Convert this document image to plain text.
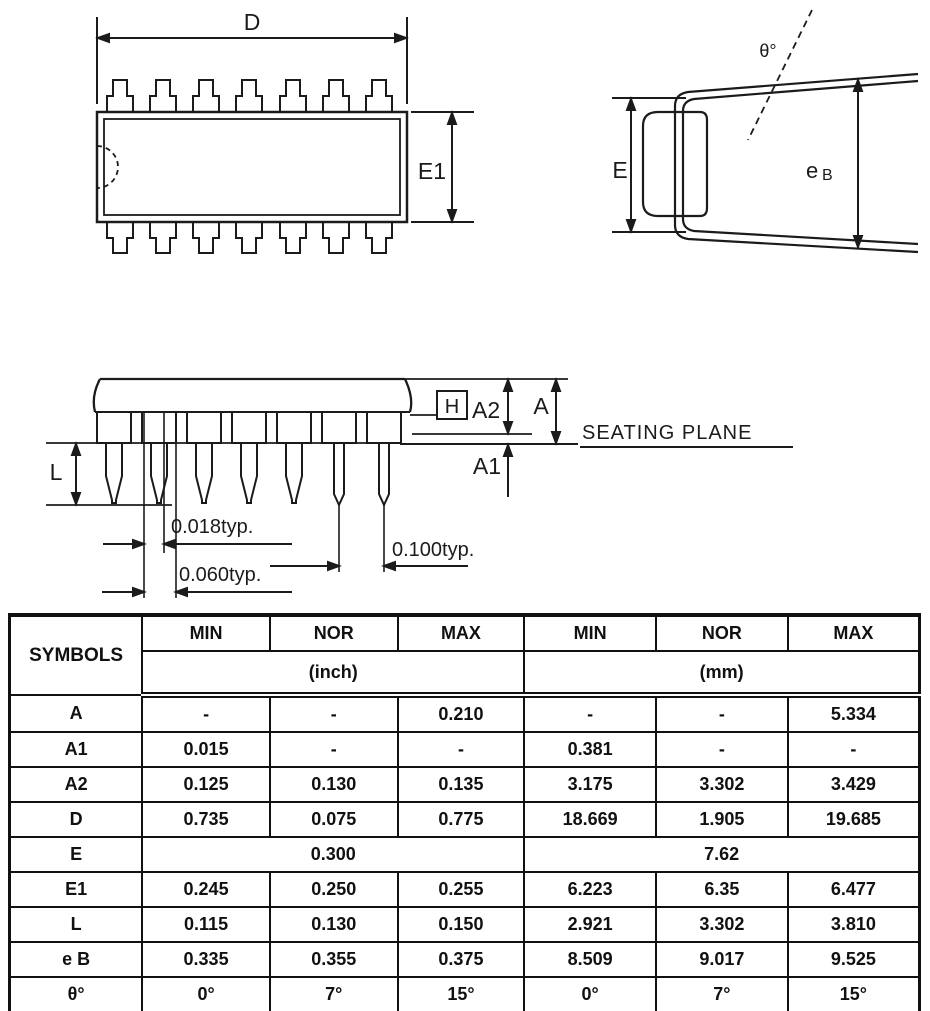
D
E1	E	e B
θ°
0.018typ.
0.100typ.
0.060typ.
L
H A2 A
SEATING PLANE
A1
SYMBOLS	MIN	NOR	MAX	MIN	NOR	MAX
	(inch)			(mm)		
A	-	-	0.210	-	-	5.334
A1	0.015	-	-	0.381	-	-
A2	0.125	0.130	0.135	3.175	3.302	3.429
D	0.735	0.075	0.775	18.669	1.905	19.685
E	0.300			7.62		
E1	0.245	0.250	0.255	6.223	6.35	6.477
L	0.115	0.130	0.150	2.921	3.302	3.810
e B	0.335	0.355	0.375	8.509	9.017	9.525
θ°	0°	7°	15°	0°	7°	15°
